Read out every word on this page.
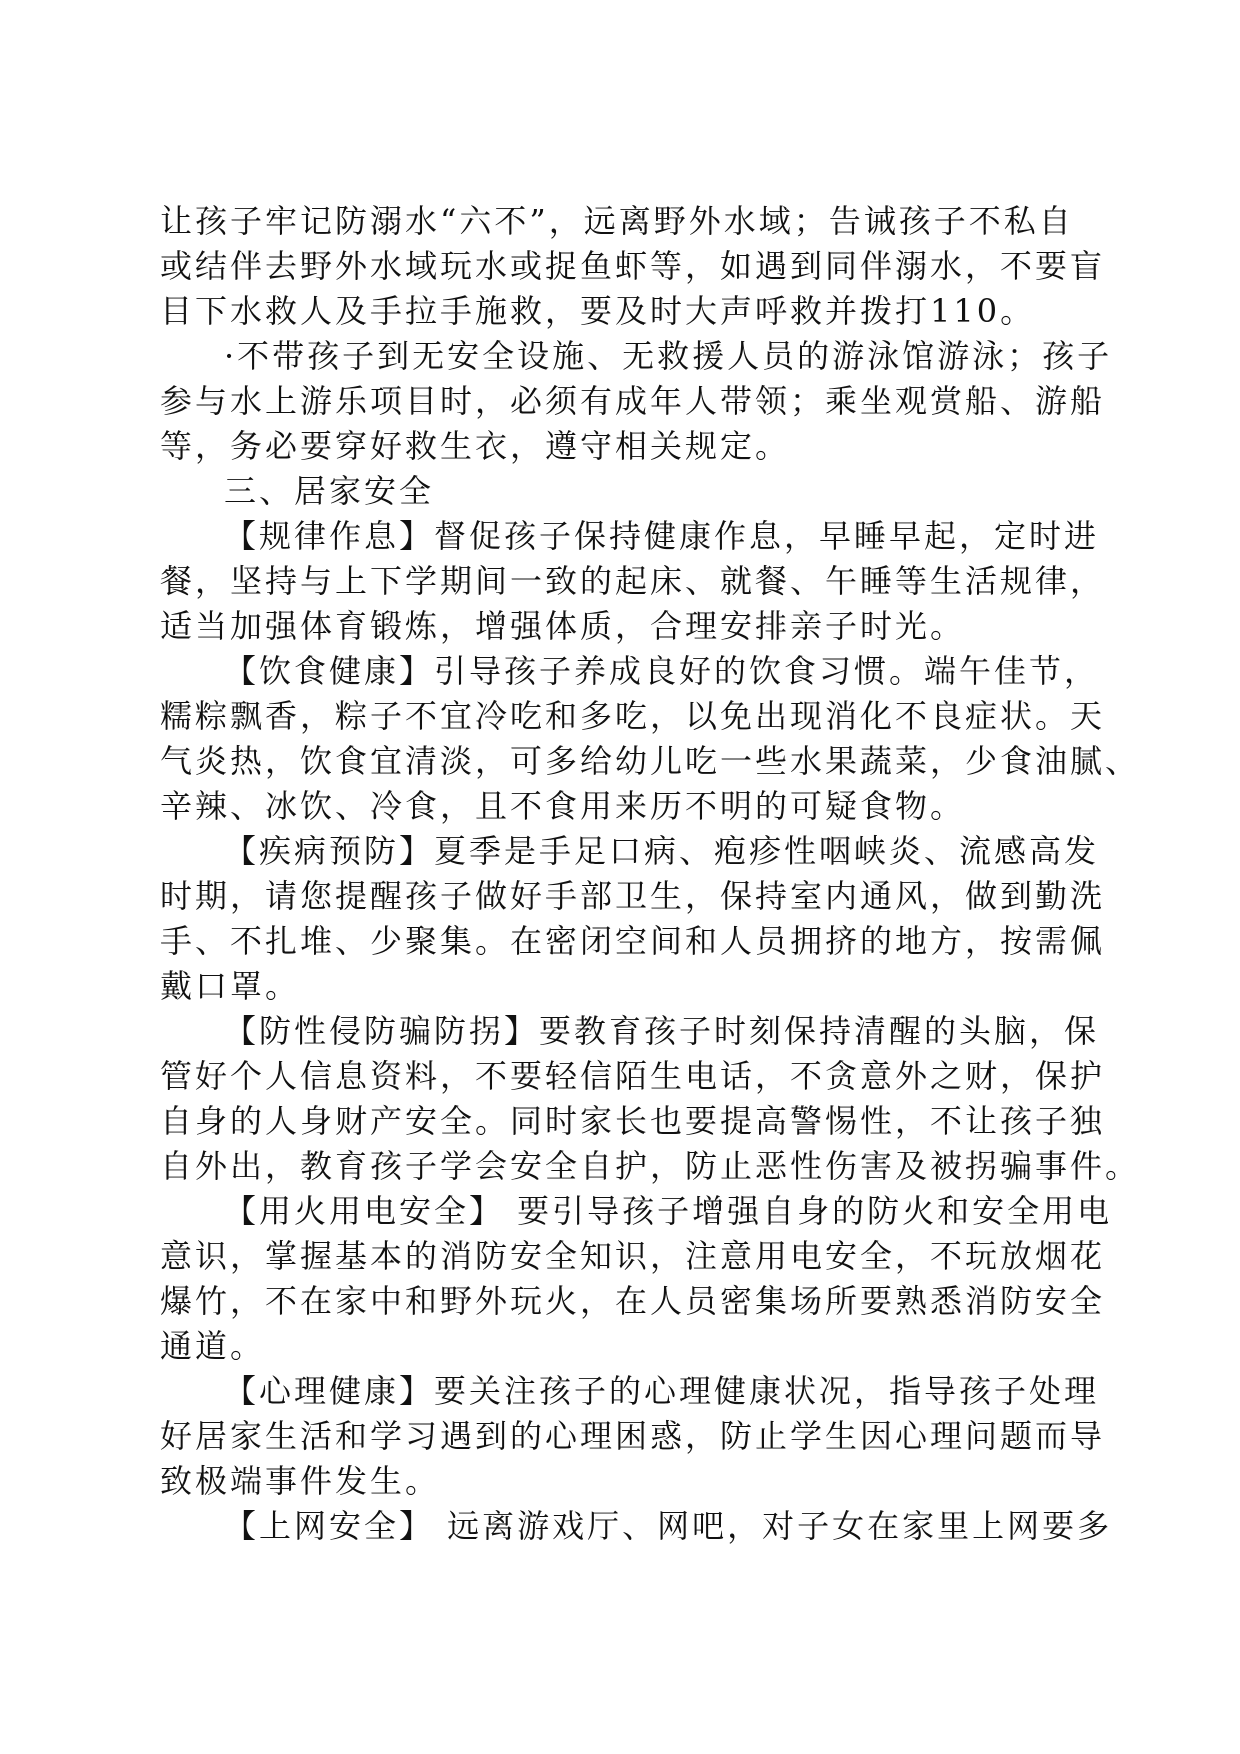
让孩子牢记防溺水“六不”，远离野外水域；告诫孩子不私自
或结伴去野外水域玩水或捉鱼虾等，如遇到同伴溺水，不要盲
目下水救人及手拉手施救，要及时大声呼救并拨打110。
·不带孩子到无安全设施、无救援人员的游泳馆游泳；孩子
参与水上游乐项目时，必须有成年人带领；乘坐观赏船、游船
等，务必要穿好救生衣，遵守相关规定。
三、居家安全
【规律作息】督促孩子保持健康作息，早睡早起，定时进
餐，坚持与上下学期间一致的起床、就餐、午睡等生活规律，
适当加强体育锻炼，增强体质，合理安排亲子时光。
【饮食健康】引导孩子养成良好的饮食习惯。端午佳节，
糯粽飘香，粽子不宜冷吃和多吃，以免出现消化不良症状。天
气炎热，饮食宜清淡，可多给幼儿吃一些水果蔬菜，少食油腻、
辛辣、冰饮、冷食，且不食用来历不明的可疑食物。
【疾病预防】夏季是手足口病、疱疹性咽峡炎、流感高发
时期，请您提醒孩子做好手部卫生，保持室内通风，做到勤洗
手、不扎堆、少聚集。在密闭空间和人员拥挤的地方，按需佩
戴口罩。
【防性侵防骗防拐】要教育孩子时刻保持清醒的头脑，保
管好个人信息资料，不要轻信陌生电话，不贪意外之财，保护
自身的人身财产安全。同时家长也要提高警惕性，不让孩子独
自外出，教育孩子学会安全自护，防止恶性伤害及被拐骗事件。
【用火用电安全】 要引导孩子增强自身的防火和安全用电
意识，掌握基本的消防安全知识，注意用电安全，不玩放烟花
爆竹，不在家中和野外玩火，在人员密集场所要熟悉消防安全
通道。
【心理健康】要关注孩子的心理健康状况，指导孩子处理
好居家生活和学习遇到的心理困惑，防止学生因心理问题而导
致极端事件发生。
【上网安全】 远离游戏厅、网吧，对子女在家里上网要多
